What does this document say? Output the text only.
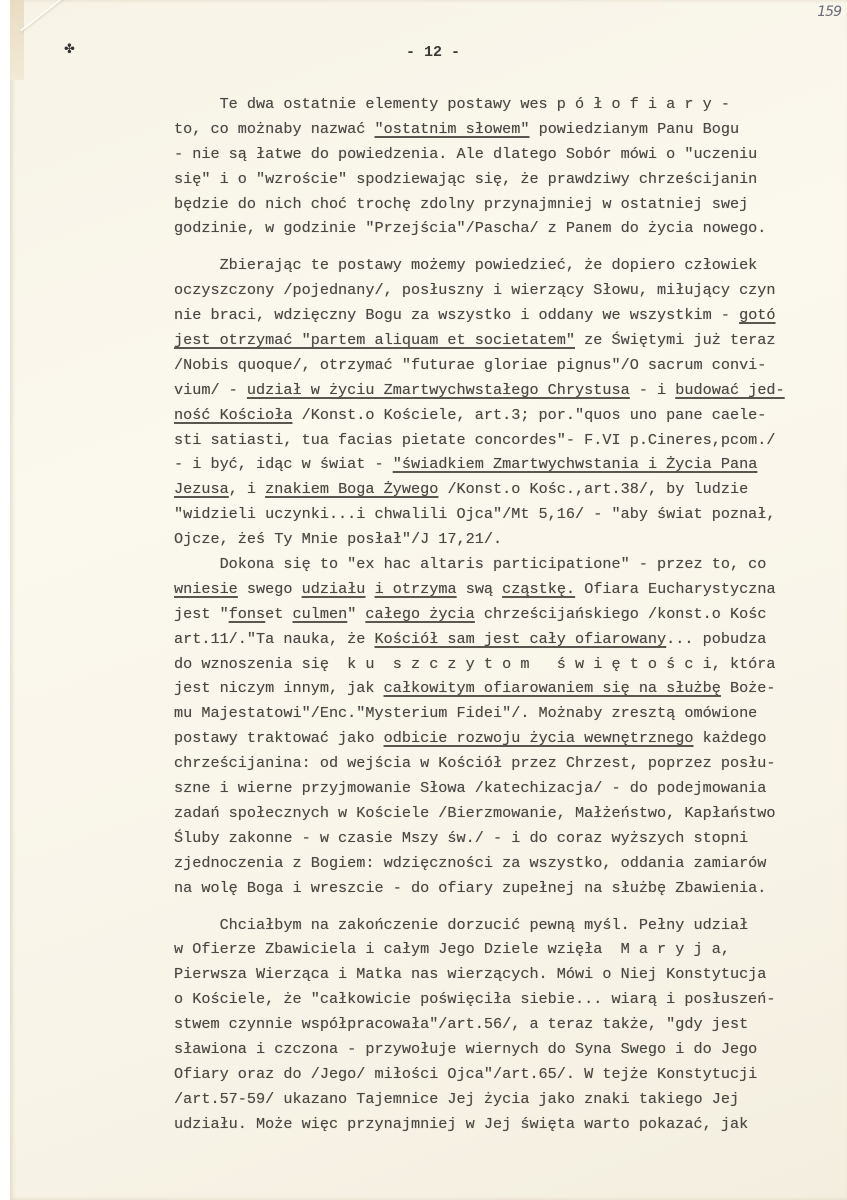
159
✤	- 12 -
Te dwa ostatnie elementy postawy wes p ó ł o f i a r y -
to, co możnaby nazwać "ostatnim słowem" powiedzianym Panu Bogu
- nie są łatwe do powiedzenia. Ale dlatego Sobór mówi o "uczeniu
się" i o "wzroście" spodziewając się, że prawdziwy chrześcijanin
będzie do nich choć trochę zdolny przynajmniej w ostatniej swej
godzinie, w godzinie "Przejścia"/Pascha/ z Panem do życia nowego.
Zbierając te postawy możemy powiedzieć, że dopiero człowiek
oczyszczony /pojednany/, posłuszny i wierzący Słowu, miłujący czyn
nie braci, wdzięczny Bogu za wszystko i oddany we wszystkim - gotó
jest otrzymać "partem aliquam et societatem" ze Świętymi już teraz
/Nobis quoque/, otrzymać "futurae gloriae pignus"/O sacrum convi-
vium/ - udział w życiu Zmartwychwstałego Chrystusa - i budować jed-
ność Kościoła /Konst.o Kościele, art.3; por."quos uno pane caele-
sti satiasti, tua facias pietate concordes"- F.VI p.Cineres,pcom./
- i być, idąc w świat - "świadkiem Zmartwychwstania i Życia Pana
Jezusa, i znakiem Boga Żywego /Konst.o Kośc.,art.38/, by ludzie
"widzieli uczynki...i chwalili Ojca"/Mt 5,16/ - "aby świat poznał,
Ojcze, żeś Ty Mnie posłał"/J 17,21/.
Dokona się to "ex hac altaris participatione" - przez to, co
wniesie swego udziału i otrzyma swą cząstkę. Ofiara Eucharystyczna
jest "fonset culmen" całego życia chrześcijańskiego /konst.o Kośc
art.11/."Ta nauka, że Kościół sam jest cały ofiarowany... pobudza
do wznoszenia się  k u  s z c z y t o m   ś w i ę t o ś c i, która
jest niczym innym, jak całkowitym ofiarowaniem się na służbę Boże-
mu Majestatowi"/Enc."Mysterium Fidei"/. Możnaby zresztą omówione
postawy traktować jako odbicie rozwoju życia wewnętrznego każdego
chrześcijanina: od wejścia w Kościół przez Chrzest, poprzez posłu-
szne i wierne przyjmowanie Słowa /katechizacja/ - do podejmowania
zadań społecznych w Kościele /Bierzmowanie, Małżeństwo, Kapłaństwo
Śluby zakonne - w czasie Mszy św./ - i do coraz wyższych stopni
zjednoczenia z Bogiem: wdzięczności za wszystko, oddania zamiarów
na wolę Boga i wreszcie - do ofiary zupełnej na służbę Zbawienia.
Chciałbym na zakończenie dorzucić pewną myśl. Pełny udział
w Ofierze Zbawiciela i całym Jego Dziele wzięła  M a r y j a,
Pierwsza Wierząca i Matka nas wierzących. Mówi o Niej Konstytucja
o Kościele, że "całkowicie poświęciła siebie... wiarą i posłuszeń-
stwem czynnie współpracowała"/art.56/, a teraz także, "gdy jest
sławiona i czczona - przywołuje wiernych do Syna Swego i do Jego
Ofiary oraz do /Jego/ miłości Ojca"/art.65/. W tejże Konstytucji
/art.57-59/ ukazano Tajemnice Jej życia jako znaki takiego Jej
udziału. Może więc przynajmniej w Jej święta warto pokazać, jak
